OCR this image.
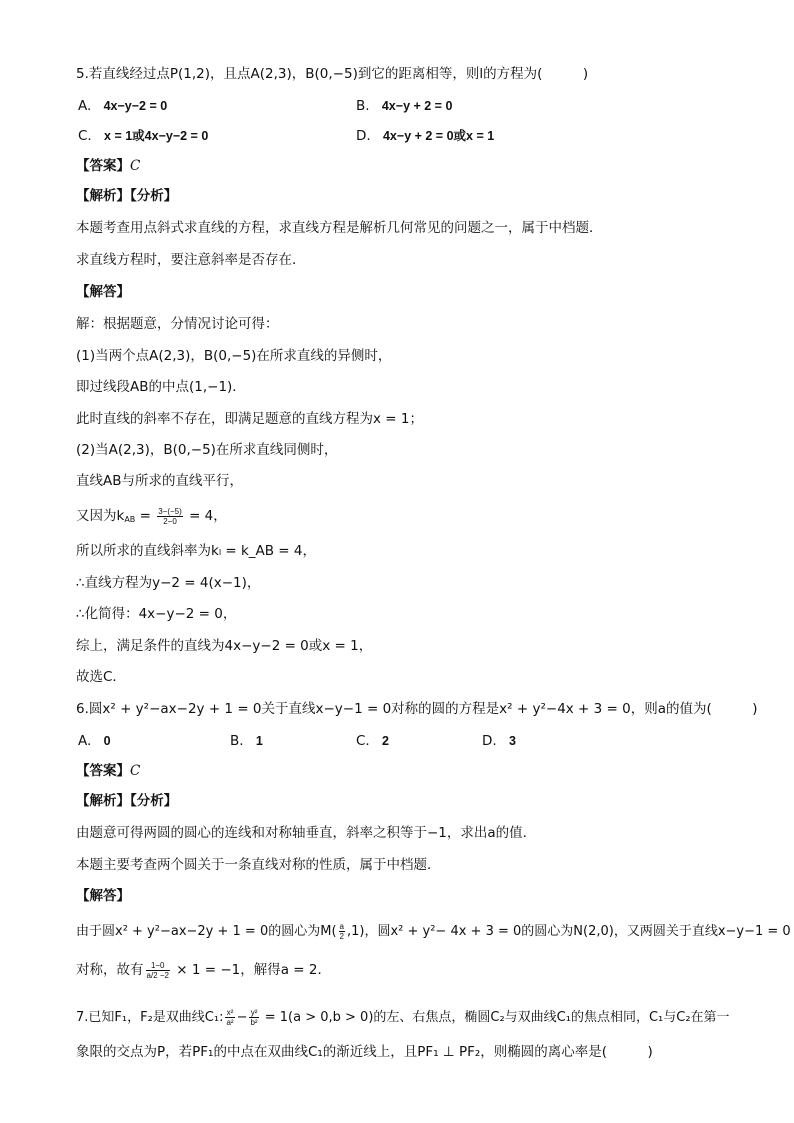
5.若直线经过点P(1,2)，且点A(2,3)，B(0,−5)到它的距离相等，则l的方程为(　　　)
A. 4x−y−2 = 0	B. 4x−y + 2 = 0
C. x = 1或4x−y−2 = 0	D. 4x−y + 2 = 0或x = 1
【答案】C
【解析】【分析】
本题考查用点斜式求直线的方程，求直线方程是解析几何常见的问题之一，属于中档题．
求直线方程时，要注意斜率是否存在．
【解答】
解：根据题意，分情况讨论可得：
(1)当两个点A(2,3)，B(0,−5)在所求直线的异侧时，
即过线段AB的中点(1,−1)．
此时直线的斜率不存在，即满足题意的直线方程为x = 1；
(2)当A(2,3)，B(0,−5)在所求直线同侧时，
直线AB与所求的直线平行，
又因为$k_{AB} = \frac{3-(-5)}{2-0} = 4$，
所以所求的直线斜率为kₗ = k_AB = 4，
∴直线方程为y−2 = 4(x−1)，
∴化简得：4x−y−2 = 0，
综上，满足条件的直线为4x−y−2 = 0或x = 1，
故选C．
6.圆x² + y²−ax−2y + 1 = 0关于直线x−y−1 = 0对称的圆的方程是x² + y²−4x + 3 = 0，则a的值为(　　　)
A. 0	B. 1	C. 2	D. 3
【答案】C
【解析】【分析】
由题意可得两圆的圆心的连线和对称轴垂直，斜率之积等于−1，求出a的值．
本题主要考查两个圆关于一条直线对称的性质，属于中档题．
【解答】
由于圆x² + y²−ax−2y + 1 = 0的圆心为$M( \frac{a}{2} ,1)$，圆x² + y²− 4x + 3 = 0的圆心为N(2,0)，又两圆关于直线x−y−1 = 0
对称，故有 $\frac{1-0}{a/2 -2} \times 1 = -1$，解得a = 2．
7.已知F₁，F₂是双曲线C₁: $\frac{\text{x²}}{\text{a²}} - \frac{\text{y²}}{\text{b²}} = 1(a > 0,b > 0)$的左、右焦点，椭圆C₂与双曲线C₁的焦点相同，C₁与C₂在第一
象限的交点为P，若PF₁的中点在双曲线C₁的渐近线上，且PF₁ ⊥ PF₂，则椭圆的离心率是(　　　)
